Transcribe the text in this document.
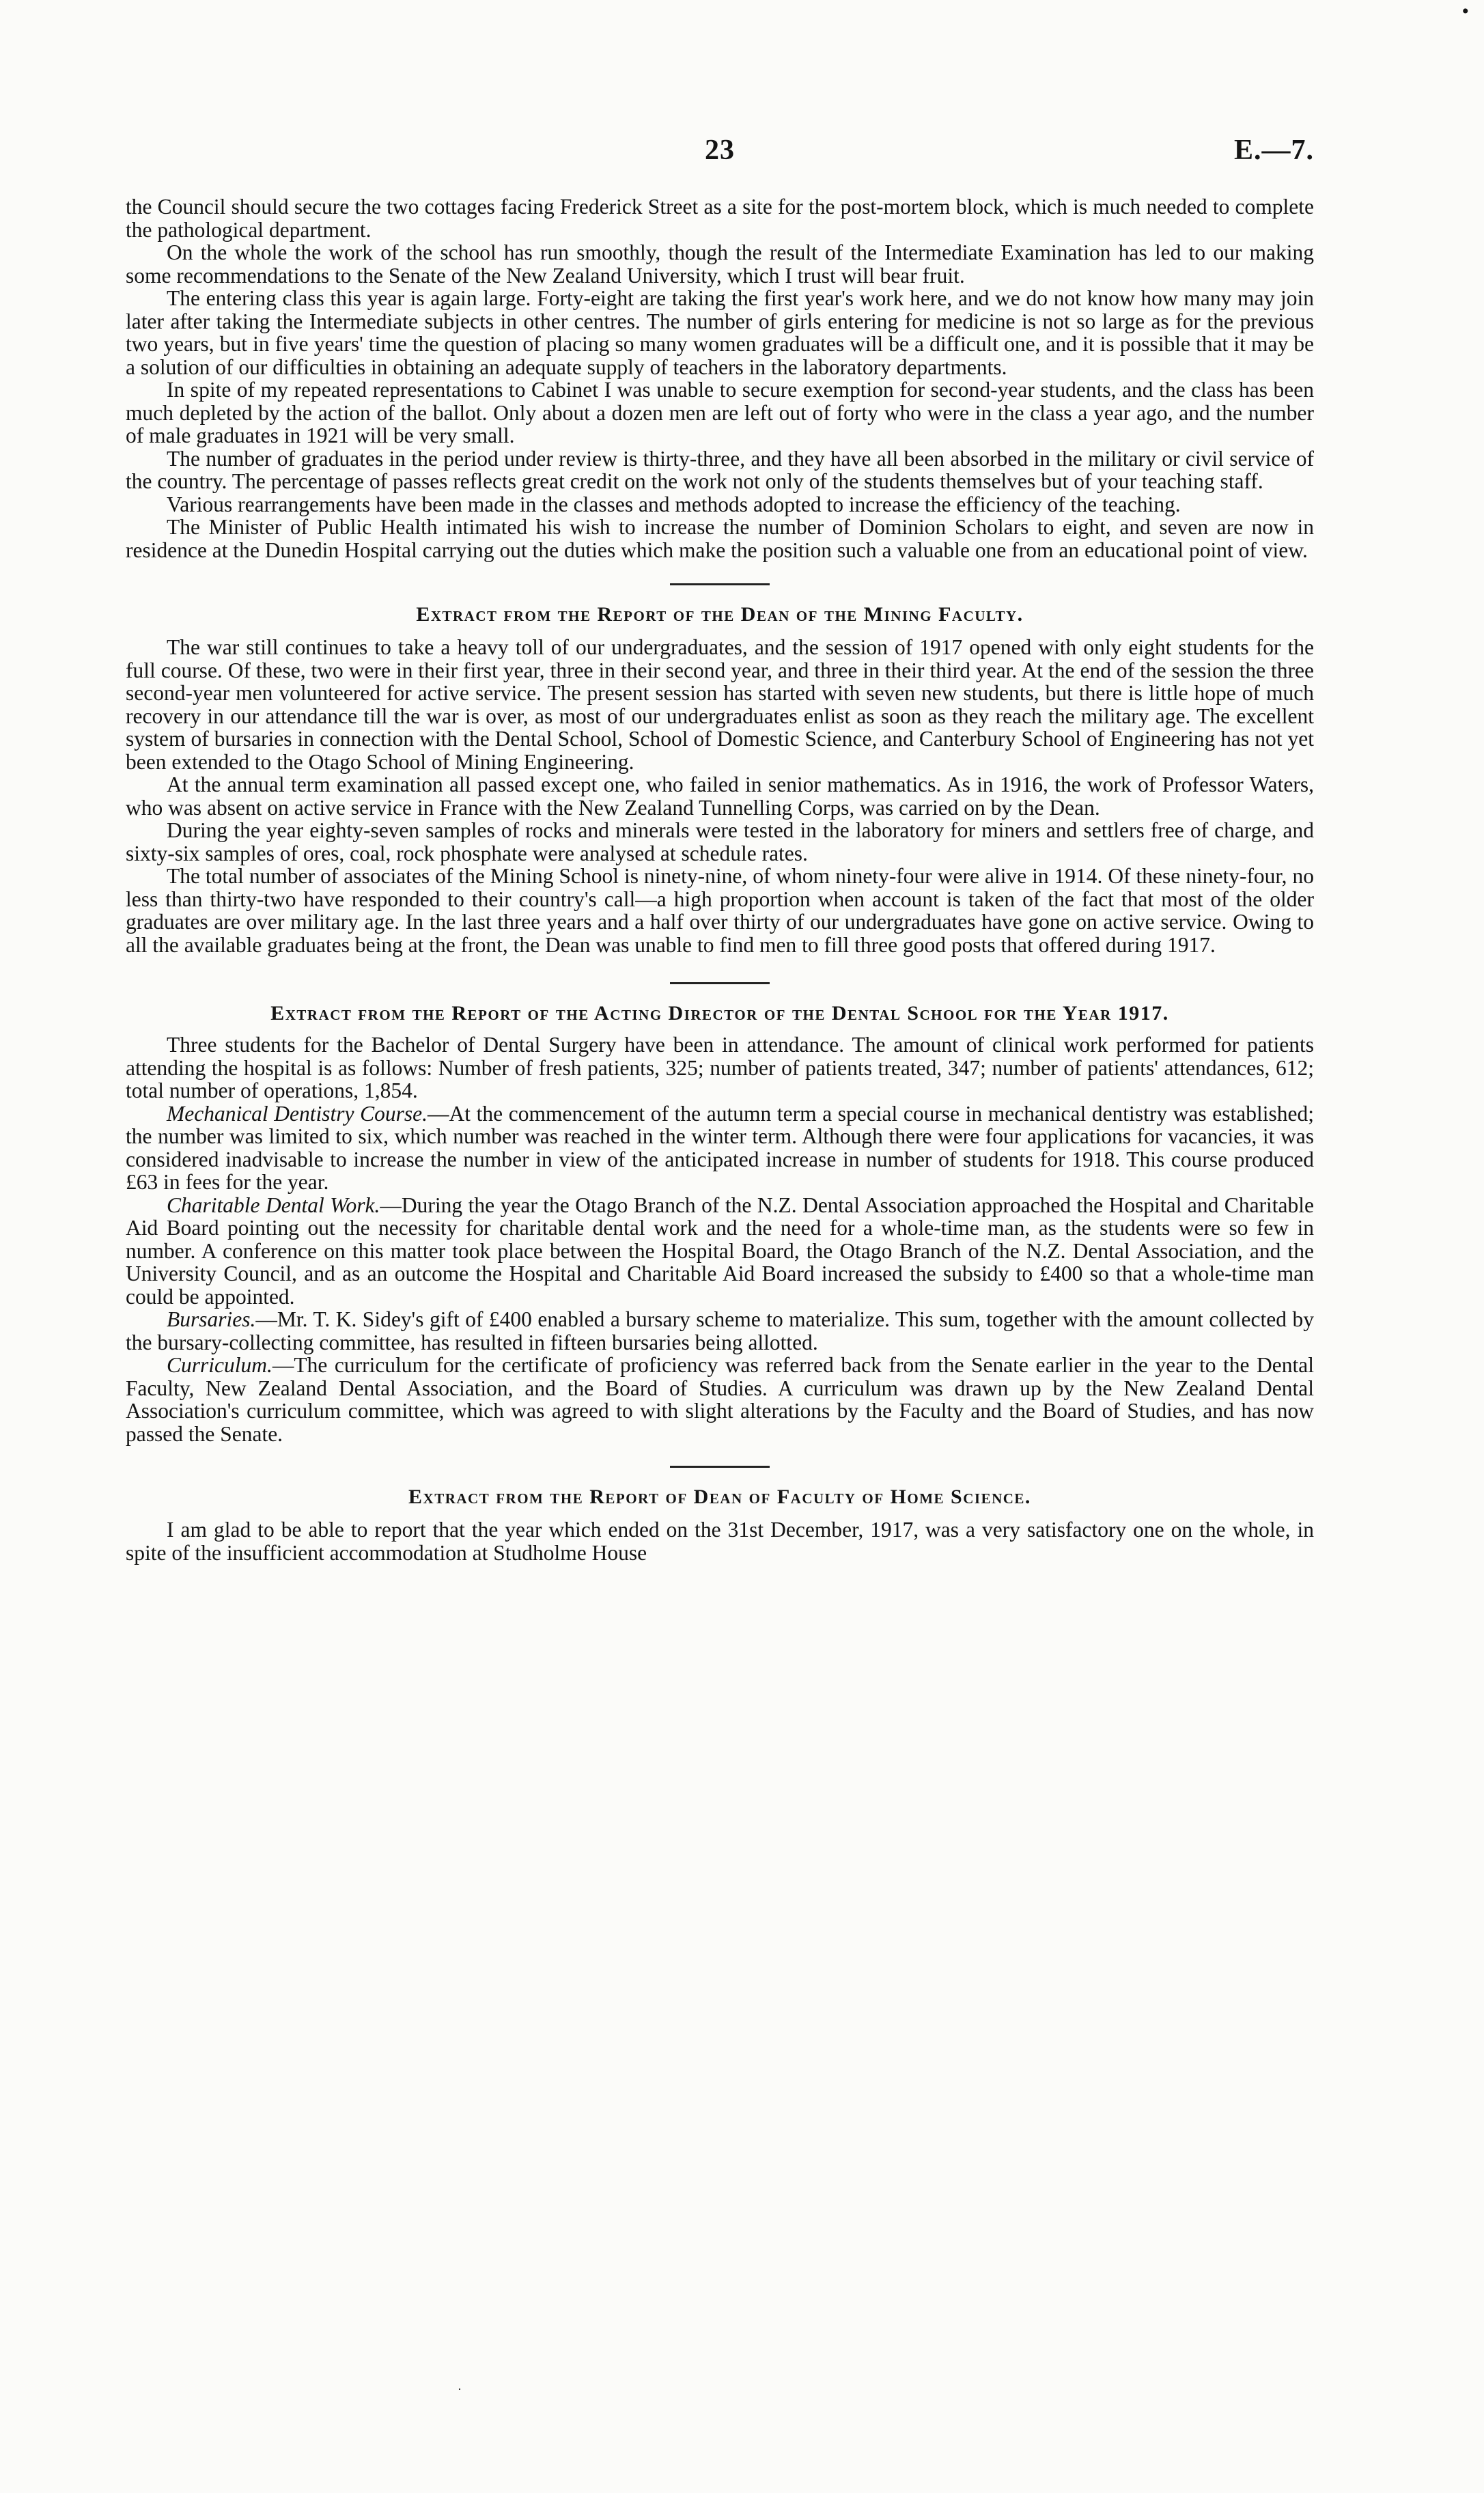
23	E.—7.
•

the Council should secure the two cottages facing Frederick Street as a site for the post-mortem block, which is much needed to complete the pathological department.

On the whole the work of the school has run smoothly, though the result of the Intermediate Examination has led to our making some recommendations to the Senate of the New Zealand University, which I trust will bear fruit.

The entering class this year is again large. Forty-eight are taking the first year's work here, and we do not know how many may join later after taking the Intermediate subjects in other centres. The number of girls entering for medicine is not so large as for the previous two years, but in five years' time the question of placing so many women graduates will be a difficult one, and it is possible that it may be a solution of our difficulties in obtaining an adequate supply of teachers in the laboratory departments.

In spite of my repeated representations to Cabinet I was unable to secure exemption for second-year students, and the class has been much depleted by the action of the ballot. Only about a dozen men are left out of forty who were in the class a year ago, and the number of male graduates in 1921 will be very small.

The number of graduates in the period under review is thirty-three, and they have all been absorbed in the military or civil service of the country. The percentage of passes reflects great credit on the work not only of the students themselves but of your teaching staff.

Various rearrangements have been made in the classes and methods adopted to increase the efficiency of the teaching.

The Minister of Public Health intimated his wish to increase the number of Dominion Scholars to eight, and seven are now in residence at the Dunedin Hospital carrying out the duties which make the position such a valuable one from an educational point of view.

Extract from the Report of the Dean of the Mining Faculty.

The war still continues to take a heavy toll of our undergraduates, and the session of 1917 opened with only eight students for the full course. Of these, two were in their first year, three in their second year, and three in their third year. At the end of the session the three second-year men volunteered for active service. The present session has started with seven new students, but there is little hope of much recovery in our attendance till the war is over, as most of our undergraduates enlist as soon as they reach the military age. The excellent system of bursaries in connection with the Dental School, School of Domestic Science, and Canterbury School of Engineering has not yet been extended to the Otago School of Mining Engineering.

At the annual term examination all passed except one, who failed in senior mathematics. As in 1916, the work of Professor Waters, who was absent on active service in France with the New Zealand Tunnelling Corps, was carried on by the Dean.

During the year eighty-seven samples of rocks and minerals were tested in the laboratory for miners and settlers free of charge, and sixty-six samples of ores, coal, rock phosphate were analysed at schedule rates.

The total number of associates of the Mining School is ninety-nine, of whom ninety-four were alive in 1914. Of these ninety-four, no less than thirty-two have responded to their country's call—a high proportion when account is taken of the fact that most of the older graduates are over military age. In the last three years and a half over thirty of our undergraduates have gone on active service. Owing to all the available graduates being at the front, the Dean was unable to find men to fill three good posts that offered during 1917.

Extract from the Report of the Acting Director of the Dental School for the Year 1917.

Three students for the Bachelor of Dental Surgery have been in attendance. The amount of clinical work performed for patients attending the hospital is as follows: Number of fresh patients, 325; number of patients treated, 347; number of patients' attendances, 612; total number of operations, 1,854.

Mechanical Dentistry Course.—At the commencement of the autumn term a special course in mechanical dentistry was established; the number was limited to six, which number was reached in the winter term. Although there were four applications for vacancies, it was considered inadvisable to increase the number in view of the anticipated increase in number of students for 1918. This course produced £63 in fees for the year.

Charitable Dental Work.—During the year the Otago Branch of the N.Z. Dental Association approached the Hospital and Charitable Aid Board pointing out the necessity for charitable dental work and the need for a whole-time man, as the students were so few in number. A conference on this matter took place between the Hospital Board, the Otago Branch of the N.Z. Dental Association, and the University Council, and as an outcome the Hospital and Charitable Aid Board increased the subsidy to £400 so that a whole-time man could be appointed.

Bursaries.—Mr. T. K. Sidey's gift of £400 enabled a bursary scheme to materialize. This sum, together with the amount collected by the bursary-collecting committee, has resulted in fifteen bursaries being allotted.

Curriculum.—The curriculum for the certificate of proficiency was referred back from the Senate earlier in the year to the Dental Faculty, New Zealand Dental Association, and the Board of Studies. A curriculum was drawn up by the New Zealand Dental Association's curriculum committee, which was agreed to with slight alterations by the Faculty and the Board of Studies, and has now passed the Senate.

Extract from the Report of Dean of Faculty of Home Science.

I am glad to be able to report that the year which ended on the 31st December, 1917, was a very satisfactory one on the whole, in spite of the insufficient accommodation at Studholme House

·
